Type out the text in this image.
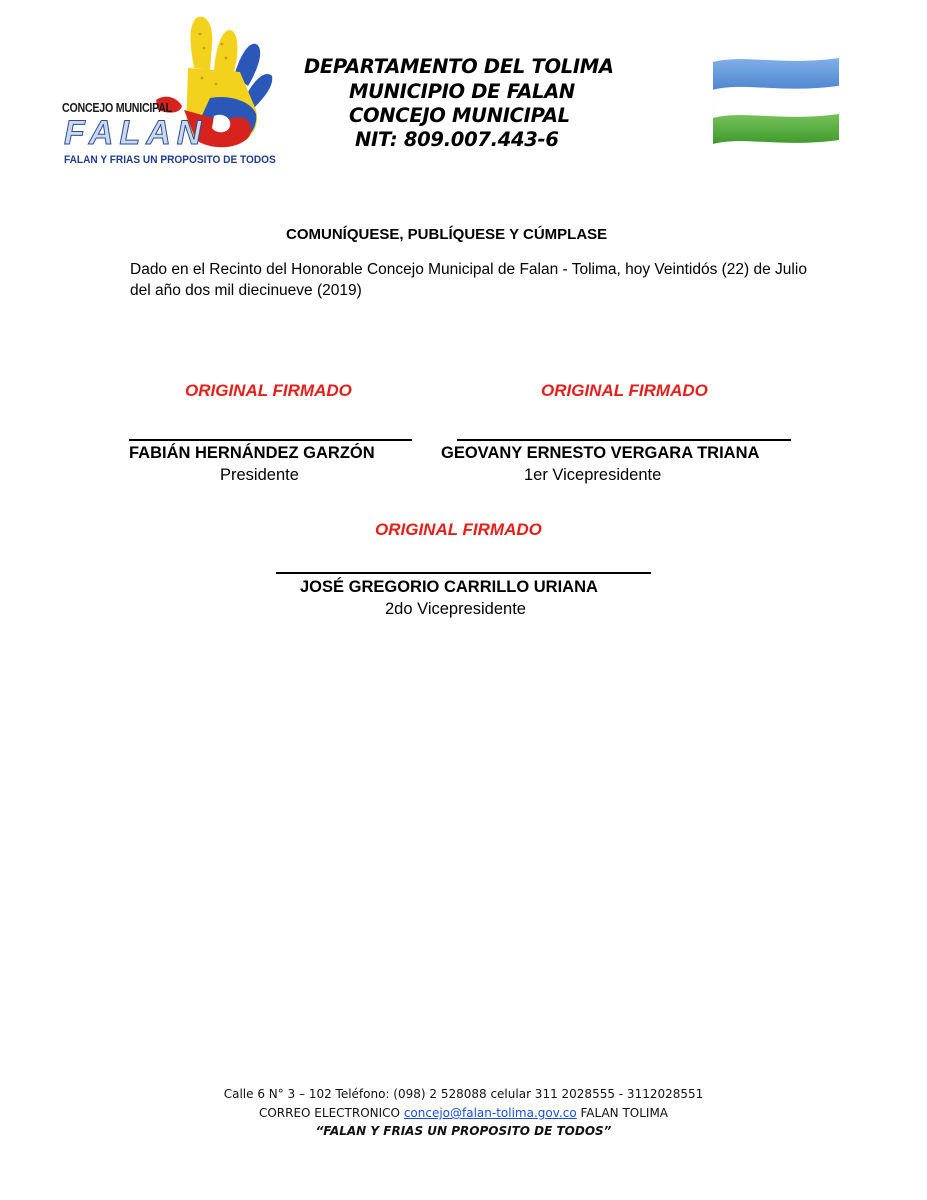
CONCEJO MUNICIPAL
FALAN
FALAN Y FRIAS UN PROPOSITO DE TODOS
DEPARTAMENTO DEL TOLIMA
MUNICIPIO DE FALAN
CONCEJO MUNICIPAL
NIT: 809.007.443-6
COMUNÍQUESE, PUBLÍQUESE Y CÚMPLASE
Dado en el Recinto del Honorable Concejo Municipal de Falan - Tolima, hoy Veintidós (22) de Julio del año dos mil diecinueve (2019)
ORIGINAL FIRMADO
FABIÁN HERNÁNDEZ GARZÓN
Presidente
ORIGINAL FIRMADO
GEOVANY ERNESTO VERGARA TRIANA
1er Vicepresidente
ORIGINAL FIRMADO
JOSÉ GREGORIO CARRILLO URIANA
2do Vicepresidente
Calle 6 N° 3 – 102 Teléfono: (098) 2 528088 celular 311 2028555 - 3112028551
CORREO ELECTRONICO concejo@falan-tolima.gov.co FALAN TOLIMA
“FALAN Y FRIAS UN PROPOSITO DE TODOS”
